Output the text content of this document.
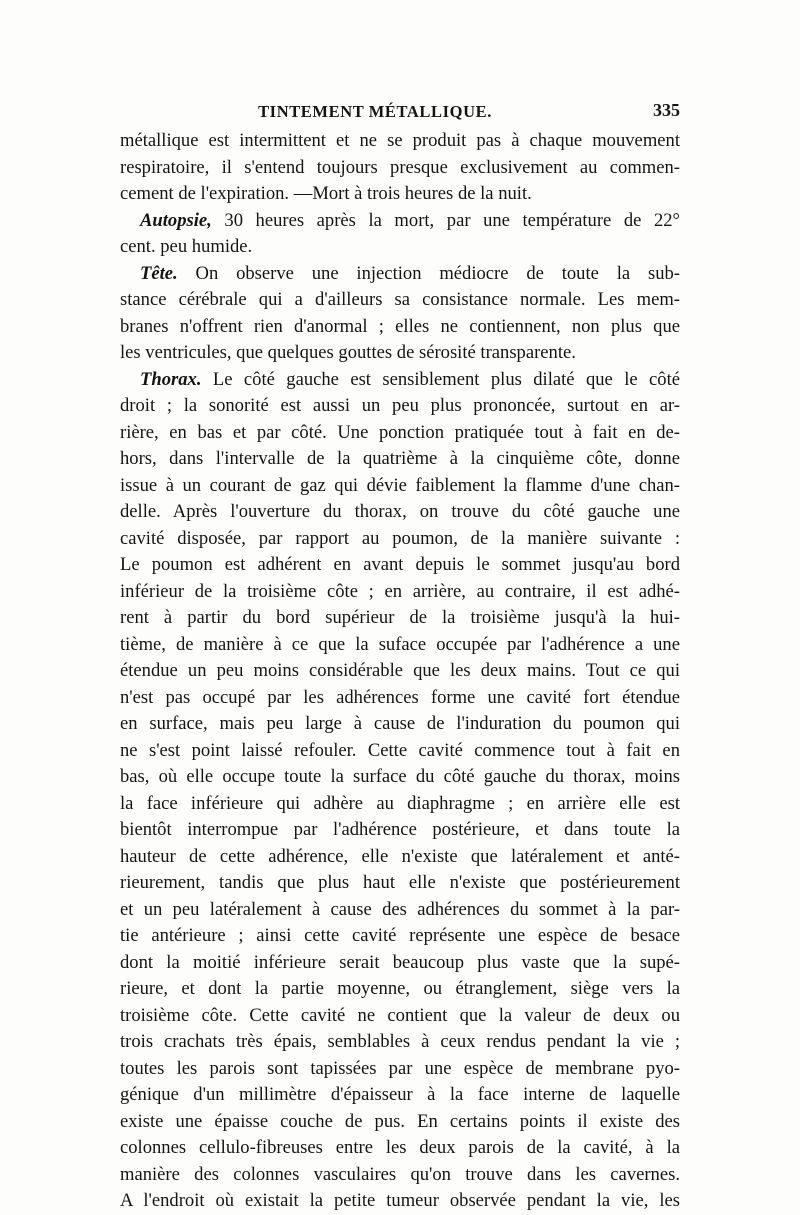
TINTEMENT MÉTALLIQUE.	335
métallique est intermittent et ne se produit pas à chaque mouvement
respiratoire, il s'entend toujours presque exclusivement au commen-
cement de l'expiration. —Mort à trois heures de la nuit.
Autopsie, 30 heures après la mort, par une température de 22°
cent. peu humide.
Tête. On observe une injection médiocre de toute la sub-
stance cérébrale qui a d'ailleurs sa consistance normale. Les mem-
branes n'offrent rien d'anormal ; elles ne contiennent, non plus que
les ventricules, que quelques gouttes de sérosité transparente.
Thorax. Le côté gauche est sensiblement plus dilaté que le côté
droit ; la sonorité est aussi un peu plus prononcée, surtout en ar-
rière, en bas et par côté. Une ponction pratiquée tout à fait en de-
hors, dans l'intervalle de la quatrième à la cinquième côte, donne
issue à un courant de gaz qui dévie faiblement la flamme d'une chan-
delle. Après l'ouverture du thorax, on trouve du côté gauche une
cavité disposée, par rapport au poumon, de la manière suivante :
Le poumon est adhérent en avant depuis le sommet jusqu'au bord
inférieur de la troisième côte ; en arrière, au contraire, il est adhé-
rent à partir du bord supérieur de la troisième jusqu'à la hui-
tième, de manière à ce que la suface occupée par l'adhérence a une
étendue un peu moins considérable que les deux mains. Tout ce qui
n'est pas occupé par les adhérences forme une cavité fort étendue
en surface, mais peu large à cause de l'induration du poumon qui
ne s'est point laissé refouler. Cette cavité commence tout à fait en
bas, où elle occupe toute la surface du côté gauche du thorax, moins
la face inférieure qui adhère au diaphragme ; en arrière elle est
bientôt interrompue par l'adhérence postérieure, et dans toute la
hauteur de cette adhérence, elle n'existe que latéralement et anté-
rieurement, tandis que plus haut elle n'existe que postérieurement
et un peu latéralement à cause des adhérences du sommet à la par-
tie antérieure ; ainsi cette cavité représente une espèce de besace
dont la moitié inférieure serait beaucoup plus vaste que la supé-
rieure, et dont la partie moyenne, ou étranglement, siège vers la
troisième côte. Cette cavité ne contient que la valeur de deux ou
trois crachats très épais, semblables à ceux rendus pendant la vie ;
toutes les parois sont tapissées par une espèce de membrane pyo-
génique d'un millimètre d'épaisseur à la face interne de laquelle
existe une épaisse couche de pus. En certains points il existe des
colonnes cellulo-fibreuses entre les deux parois de la cavité, à la
manière des colonnes vasculaires qu'on trouve dans les cavernes.
A l'endroit où existait la petite tumeur observée pendant la vie, les
